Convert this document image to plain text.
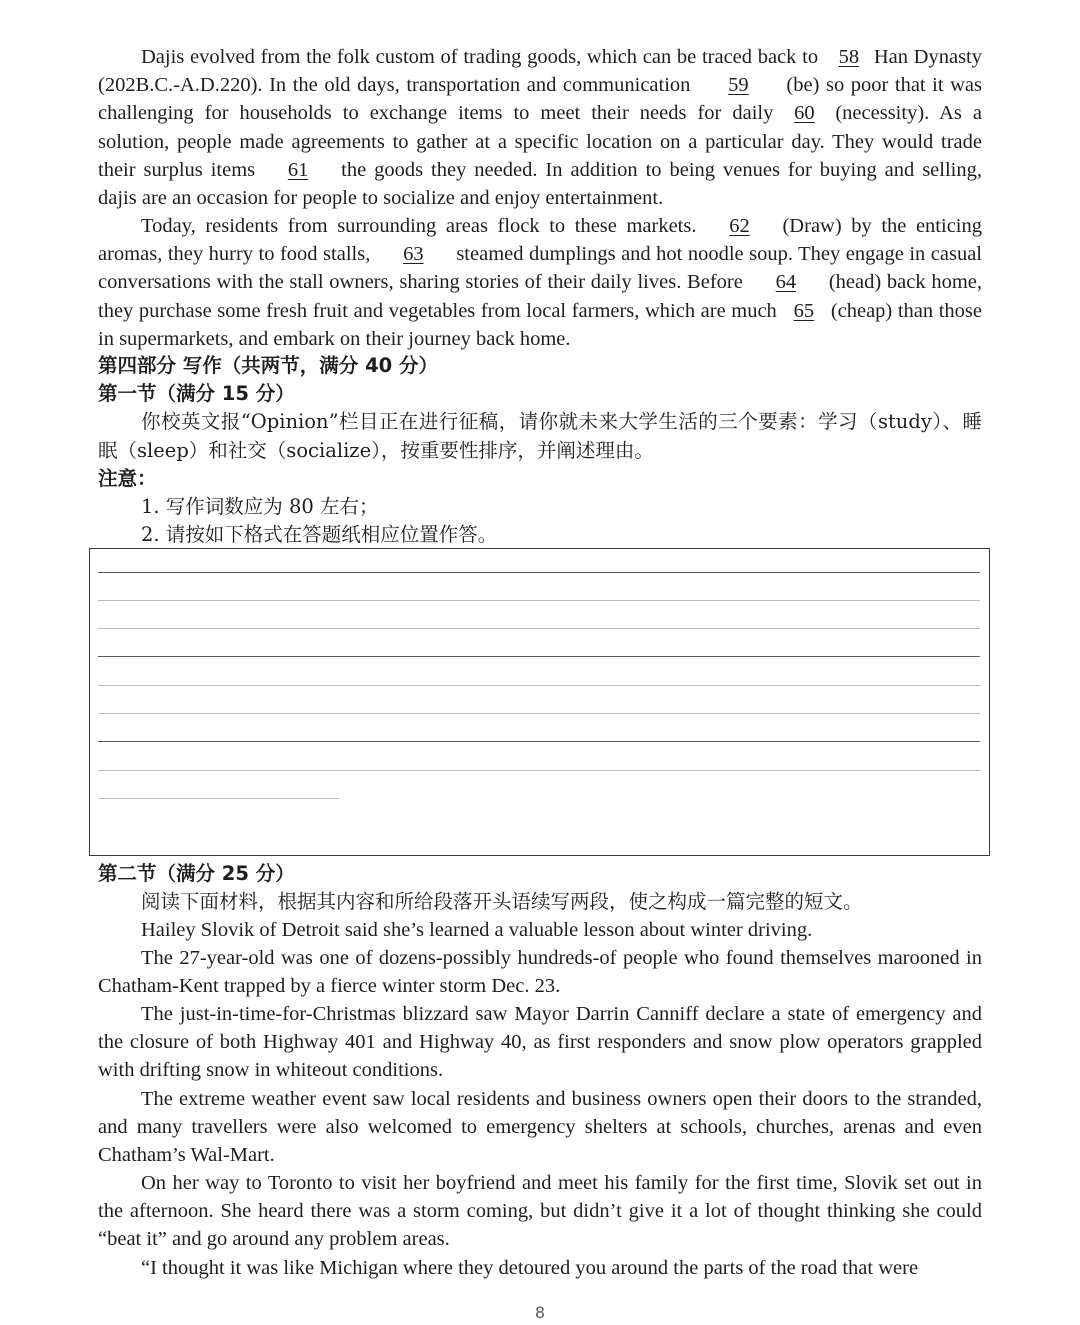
Dajis evolved from the folk custom of trading goods, which can be traced back to 58 Han Dynasty (202B.C.-A.D.220). In the old days, transportation and communication 59 (be) so poor that it was challenging for households to exchange items to meet their needs for daily 60 (necessity). As a solution, people made agreements to gather at a specific location on a particular day. They would trade their surplus items 61 the goods they needed. In addition to being venues for buying and selling, dajis are an occasion for people to socialize and enjoy entertainment.

Today, residents from surrounding areas flock to these markets. 62 (Draw) by the enticing aromas, they hurry to food stalls, 63 steamed dumplings and hot noodle soup. They engage in casual conversations with the stall owners, sharing stories of their daily lives. Before 64 (head) back home, they purchase some fresh fruit and vegetables from local farmers, which are much 65 (cheap) than those in supermarkets, and embark on their journey back home.

第四部分 写作（共两节，满分 40 分）

第一节（满分 15 分）

你校英文报“Opinion”栏目正在进行征稿，请你就未来大学生活的三个要素：学习（study）、睡眠（sleep）和社交（socialize），按重要性排序，并阐述理由。

注意：

1. 写作词数应为 80 左右；

2. 请按如下格式在答题纸相应位置作答。

第二节（满分 25 分）

阅读下面材料，根据其内容和所给段落开头语续写两段，使之构成一篇完整的短文。

Hailey Slovik of Detroit said she’s learned a valuable lesson about winter driving.

The 27-year-old was one of dozens-possibly hundreds-of people who found themselves marooned in Chatham-Kent trapped by a fierce winter storm Dec. 23.

The just-in-time-for-Christmas blizzard saw Mayor Darrin Canniff declare a state of emergency and the closure of both Highway 401 and Highway 40, as first responders and snow plow operators grappled with drifting snow in whiteout conditions.

The extreme weather event saw local residents and business owners open their doors to the stranded, and many travellers were also welcomed to emergency shelters at schools, churches, arenas and even Chatham’s Wal-Mart.

On her way to Toronto to visit her boyfriend and meet his family for the first time, Slovik set out in the afternoon. She heard there was a storm coming, but didn’t give it a lot of thought thinking she could “beat it” and go around any problem areas.

“I thought it was like Michigan where they detoured you around the parts of the road that were

8
